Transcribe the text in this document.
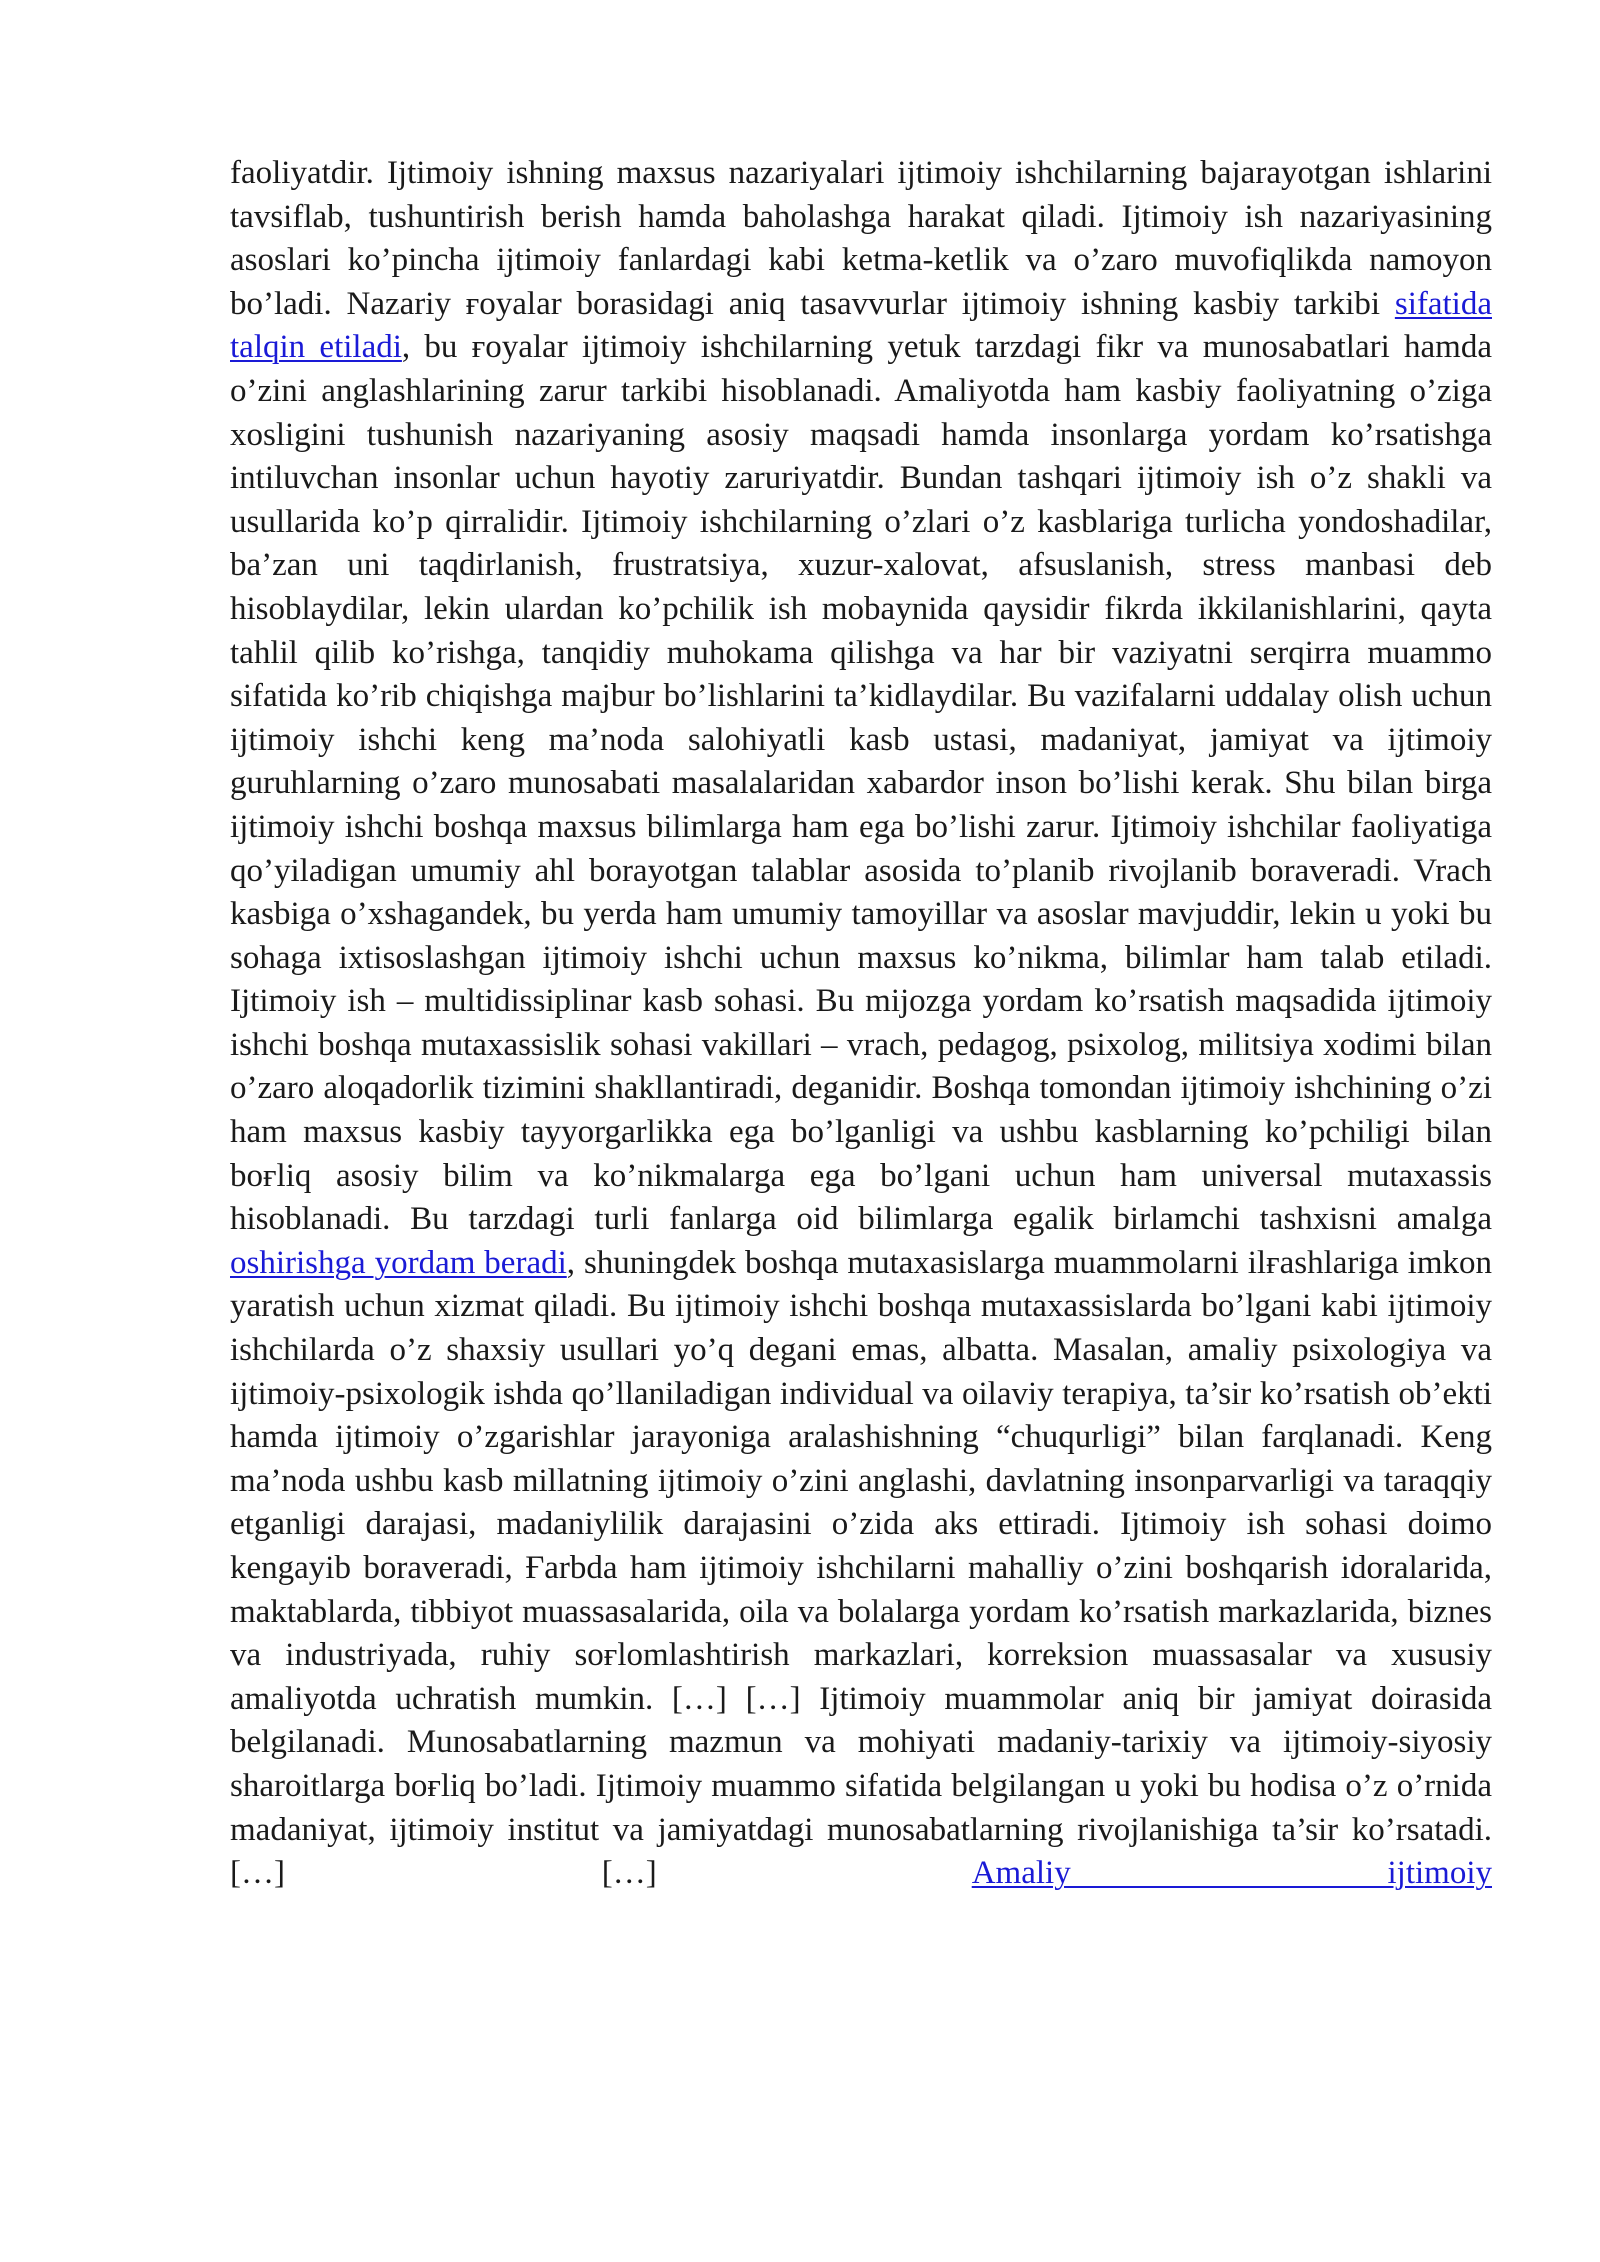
faoliyatdir. Ijtimoiy ishning maxsus nazariyalari ijtimoiy ishchilarning bajarayotgan ishlarini tavsiflab, tushuntirish berish hamda baholashga harakat qiladi. Ijtimoiy ish nazariyasining asoslari ko’pincha ijtimoiy fanlardagi kabi ketma-ketlik va o’zaro muvofiqlikda namoyon bo’ladi. Nazariy ғoyalar borasidagi aniq tasavvurlar ijtimoiy ishning kasbiy tarkibi sifatida talqin etiladi, bu ғoyalar ijtimoiy ishchilarning yetuk tarzdagi fikr va munosabatlari hamda o’zini anglashlarining zarur tarkibi hisoblanadi. Amaliyotda ham kasbiy faoliyatning o’ziga xosligini tushunish nazariyaning asosiy maqsadi hamda insonlarga yordam ko’rsatishga intiluvchan insonlar uchun hayotiy zaruriyatdir. Bundan tashqari ijtimoiy ish o’z shakli va usullarida ko’p qirralidir. Ijtimoiy ishchilarning o’zlari o’z kasblariga turlicha yondoshadilar, ba’zan uni taqdirlanish, frustratsiya, xuzur-xalovat, afsuslanish, stress manbasi deb hisoblaydilar, lekin ulardan ko’pchilik ish mobaynida qaysidir fikrda ikkilanishlarini, qayta tahlil qilib ko’rishga, tanqidiy muhokama qilishga va har bir vaziyatni serqirra muammo sifatida ko’rib chiqishga majbur bo’lishlarini ta’kidlaydilar. Bu vazifalarni uddalay olish uchun ijtimoiy ishchi keng ma’noda salohiyatli kasb ustasi, madaniyat, jamiyat va ijtimoiy guruhlarning o’zaro munosabati masalalaridan xabardor inson bo’lishi kerak. Shu bilan birga ijtimoiy ishchi boshqa maxsus bilimlarga ham ega bo’lishi zarur. Ijtimoiy ishchilar faoliyatiga qo’yiladigan umumiy ahl borayotgan talablar asosida to’planib rivojlanib boraveradi. Vrach kasbiga o’xshagandek, bu yerda ham umumiy tamoyillar va asoslar mavjuddir, lekin u yoki bu sohaga ixtisoslashgan ijtimoiy ishchi uchun maxsus ko’nikma, bilimlar ham talab etiladi. Ijtimoiy ish – multidissiplinar kasb sohasi. Bu mijozga yordam ko’rsatish maqsadida ijtimoiy ishchi boshqa mutaxassislik sohasi vakillari – vrach, pedagog, psixolog, militsiya xodimi bilan o’zaro aloqadorlik tizimini shakllantiradi, deganidir. Boshqa tomondan ijtimoiy ishchining o’zi ham maxsus kasbiy tayyorgarlikka ega bo’lganligi va ushbu kasblarning ko’pchiligi bilan boғliq asosiy bilim va ko’nikmalarga ega bo’lgani uchun ham universal mutaxassis hisoblanadi. Bu tarzdagi turli fanlarga oid bilimlarga egalik birlamchi tashxisni amalga oshirishga yordam beradi, shuningdek boshqa mutaxasislarga muammolarni ilғashlariga imkon yaratish uchun xizmat qiladi. Bu ijtimoiy ishchi boshqa mutaxassislarda bo’lgani kabi ijtimoiy ishchilarda o’z shaxsiy usullari yo’q degani emas, albatta. Masalan, amaliy psixologiya va ijtimoiy-psixologik ishda qo’llaniladigan individual va oilaviy terapiya, ta’sir ko’rsatish ob’ekti hamda ijtimoiy o’zgarishlar jarayoniga aralashishning “chuqurligi” bilan farqlanadi. Keng ma’noda ushbu kasb millatning ijtimoiy o’zini anglashi, davlatning insonparvarligi va taraqqiy etganligi darajasi, madaniylilik darajasini o’zida aks ettiradi. Ijtimoiy ish sohasi doimo kengayib boraveradi, Ғarbda ham ijtimoiy ishchilarni mahalliy o’zini boshqarish idoralarida, maktablarda, tibbiyot muassasalarida, oila va bolalarga yordam ko’rsatish markazlarida, biznes va industriyada, ruhiy soғlomlashtirish markazlari, korreksion muassasalar va xususiy amaliyotda uchratish mumkin. […] […] Ijtimoiy muammolar aniq bir jamiyat doirasida belgilanadi. Munosabatlarning mazmun va mohiyati madaniy-tarixiy va ijtimoiy-siyosiy sharoitlarga boғliq bo’ladi. Ijtimoiy muammo sifatida belgilangan u yoki bu hodisa o’z o’rnida madaniyat, ijtimoiy institut va jamiyatdagi munosabatlarning rivojlanishiga ta’sir ko’rsatadi. […] […] Amaliy ijtimoiy
